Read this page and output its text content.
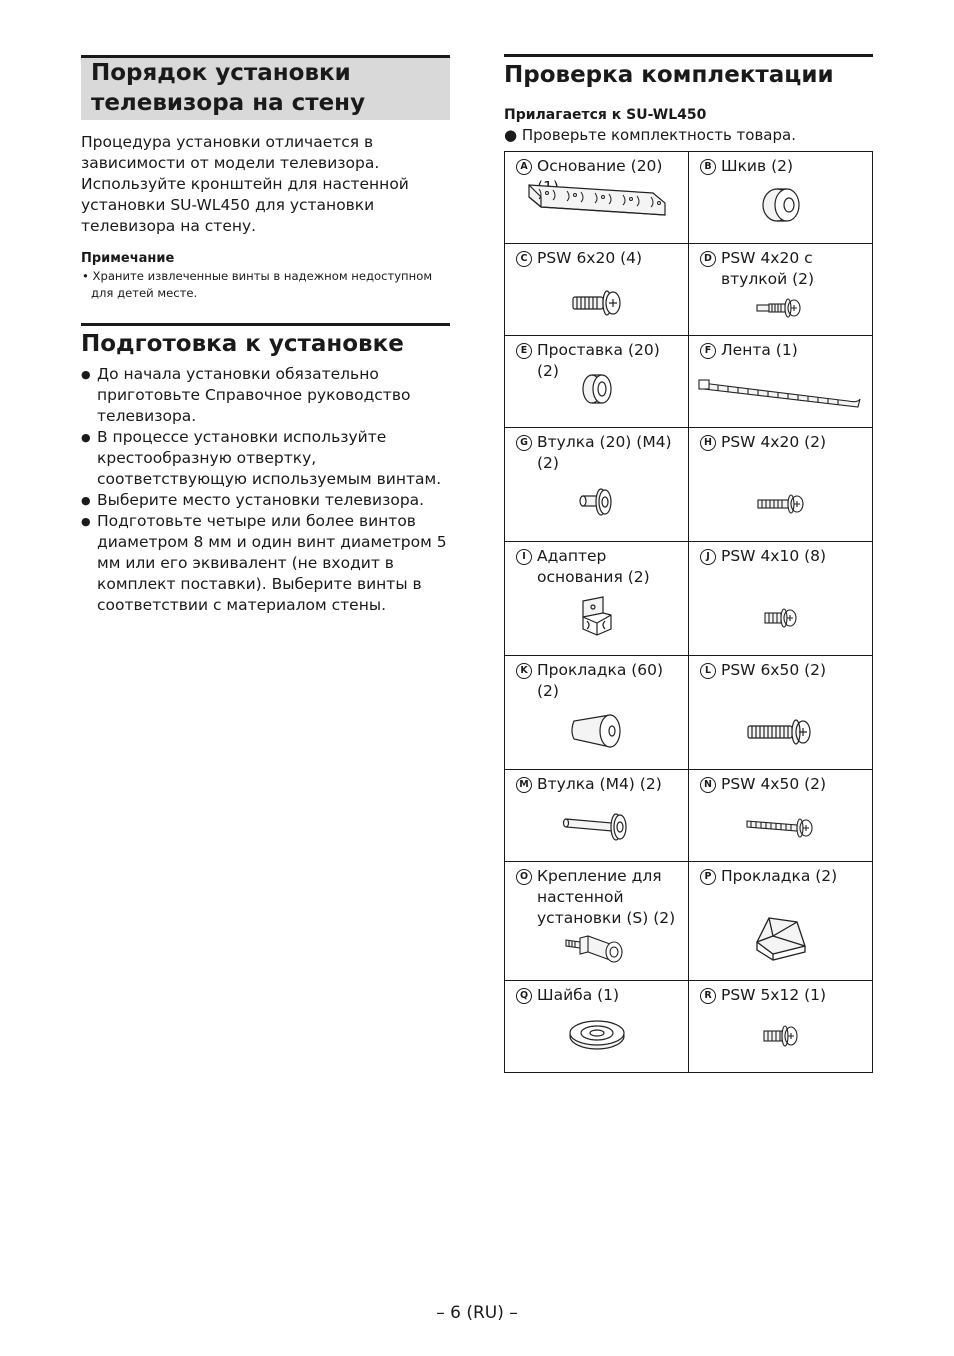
Порядок установки
телевизора на стену

Процедура установки отличается в зависимости от модели телевизора. Используйте кронштейн для настенной установки SU-WL450 для установки телевизора на стену.

Примечание

• Храните извлеченные винты в надежном недоступном для детей месте.

Подготовка к установке
● До начала установки обязательно приготовьте Справочное руководство телевизора.
● В процессе установки используйте крестообразную отвертку, соответствующую используемым винтам.
● Выберите место установки телевизора.
● Подготовьте четыре или более винтов диаметром 8 мм и один винт диаметром 5 мм или его эквивалент (не входит в комплект поставки). Выберите винты в соответствии с материалом стены.
Проверка комплектации
Прилагается к SU-WL450
● Проверьте комплектность товара.
A Основание (20)	B Шкив (2)

C PSW 6x20 (4)	D PSW 4x20 с втулкой (2)

E Проставка (20) (2)	F Лента (1)

G Втулка (20) (M4) (2)	H PSW 4x20 (2)

I Адаптер основания (2)	J PSW 4x10 (8)

K Прокладка (60) (2)	L PSW 6x50 (2)

M Втулка (M4) (2)	N PSW 4x50 (2)

O Крепление для настенной установки (S) (2)	P Прокладка (2)

Q Шайба (1)	R PSW 5x12 (1)
– 6 (RU) –
